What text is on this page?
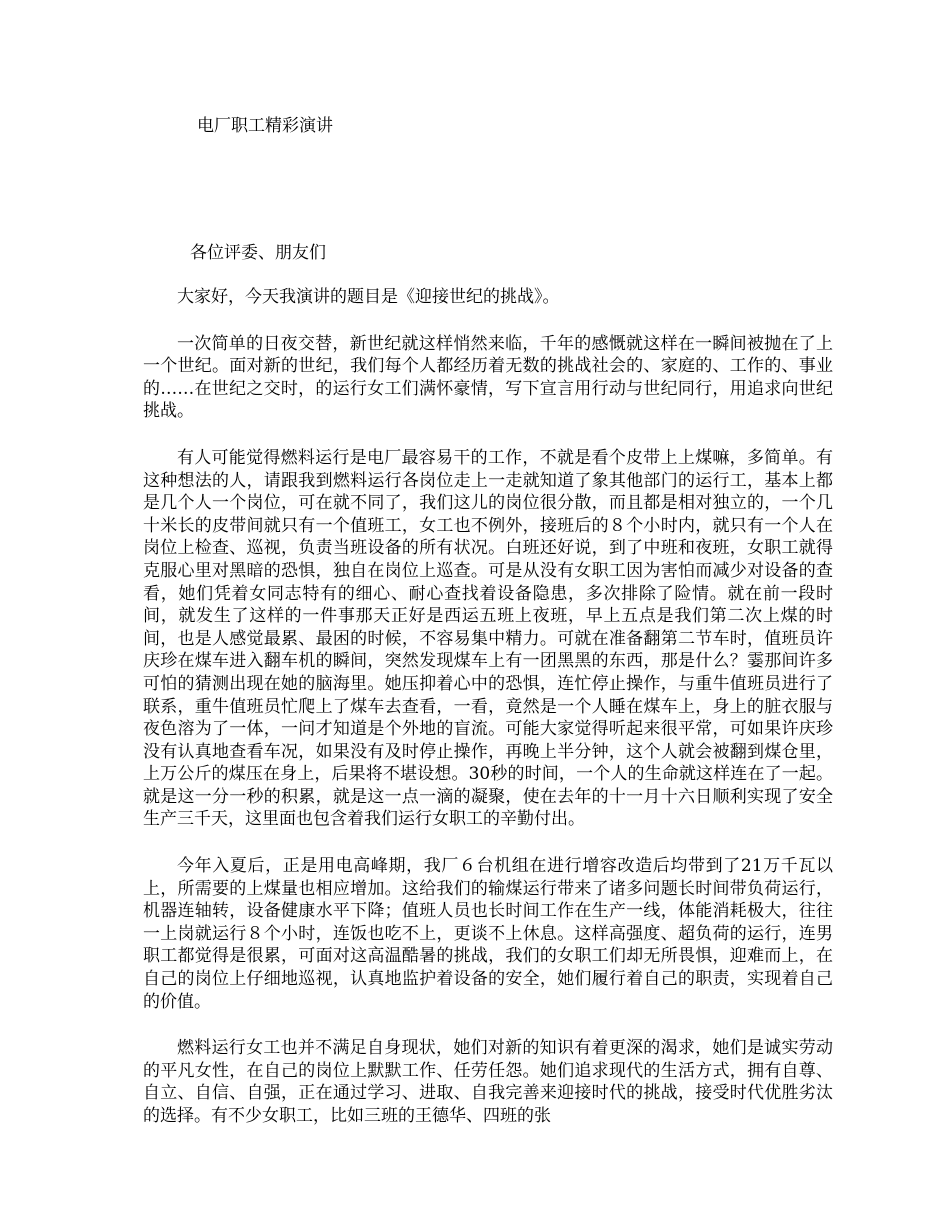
电厂职工精彩演讲
各位评委、朋友们

大家好，今天我演讲的题目是《迎接世纪的挑战》。

一次简单的日夜交替，新世纪就这样悄然来临，千年的感慨就这样在一瞬间被抛在了上一个世纪。面对新的世纪，我们每个人都经历着无数的挑战社会的、家庭的、工作的、事业的……在世纪之交时，的运行女工们满怀豪情，写下宣言用行动与世纪同行，用追求向世纪挑战。

有人可能觉得燃料运行是电厂最容易干的工作，不就是看个皮带上上煤嘛，多简单。有这种想法的人，请跟我到燃料运行各岗位走上一走就知道了象其他部门的运行工，基本上都是几个人一个岗位，可在就不同了，我们这儿的岗位很分散，而且都是相对独立的，一个几十米长的皮带间就只有一个值班工，女工也不例外，接班后的８个小时内，就只有一个人在岗位上检查、巡视，负责当班设备的所有状况。白班还好说，到了中班和夜班，女职工就得克服心里对黑暗的恐惧，独自在岗位上巡查。可是从没有女职工因为害怕而减少对设备的查看，她们凭着女同志特有的细心、耐心查找着设备隐患，多次排除了险情。就在前一段时间，就发生了这样的一件事那天正好是西运五班上夜班，早上五点是我们第二次上煤的时间，也是人感觉最累、最困的时候，不容易集中精力。可就在准备翻第二节车时，值班员许庆珍在煤车进入翻车机的瞬间，突然发现煤车上有一团黑黑的东西，那是什么？霎那间许多可怕的猜测出现在她的脑海里。她压抑着心中的恐惧，连忙停止操作，与重牛值班员进行了联系，重牛值班员忙爬上了煤车去查看，一看，竟然是一个人睡在煤车上，身上的脏衣服与夜色溶为了一体，一问才知道是个外地的盲流。可能大家觉得听起来很平常，可如果许庆珍没有认真地查看车况，如果没有及时停止操作，再晚上半分钟，这个人就会被翻到煤仓里，上万公斤的煤压在身上，后果将不堪设想。30秒的时间，一个人的生命就这样连在了一起。就是这一分一秒的积累，就是这一点一滴的凝聚，使在去年的十一月十六日顺利实现了安全生产三千天，这里面也包含着我们运行女职工的辛勤付出。

今年入夏后，正是用电高峰期，我厂６台机组在进行增容改造后均带到了21万千瓦以上，所需要的上煤量也相应增加。这给我们的输煤运行带来了诸多问题长时间带负荷运行，机器连轴转，设备健康水平下降；值班人员也长时间工作在生产一线，体能消耗极大，往往一上岗就运行８个小时，连饭也吃不上，更谈不上休息。这样高强度、超负荷的运行，连男职工都觉得是很累，可面对这高温酷暑的挑战，我们的女职工们却无所畏惧，迎难而上，在自己的岗位上仔细地巡视，认真地监护着设备的安全，她们履行着自己的职责，实现着自己的价值。

燃料运行女工也并不满足自身现状，她们对新的知识有着更深的渴求，她们是诚实劳动的平凡女性，在自己的岗位上默默工作、任劳任怨。她们追求现代的生活方式，拥有自尊、自立、自信、自强，正在通过学习、进取、自我完善来迎接时代的挑战，接受时代优胜劣汰的选择。有不少女职工，比如三班的王德华、四班的张
